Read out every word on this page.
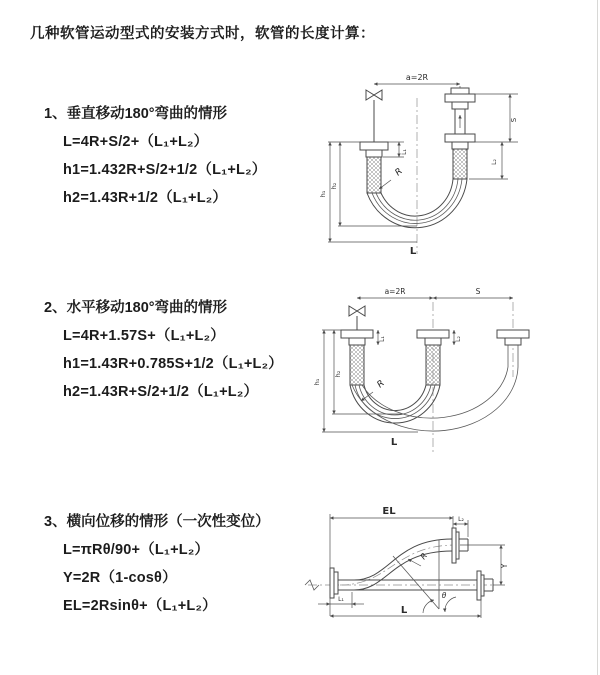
几种软管运动型式的安装方式时，软管的长度计算：
1、垂直移动180°弯曲的情形
L=4R+S/2+（L₁+L₂）
h1=1.432R+S/2+1/2（L₁+L₂）
h2=1.43R+1/2（L₁+L₂）
2、水平移动180°弯曲的情形
L=4R+1.57S+（L₁+L₂）
h1=1.43R+0.785S+1/2（L₁+L₂）
h2=1.43R+S/2+1/2（L₁+L₂）
3、横向位移的情形（一次性变位）
L=πRθ/90+（L₁+L₂）
Y=2R（1-cosθ）
EL=2Rsinθ+（L₁+L₂）
a=2R
L₁
R
h₁
h₂
S
L₂
L
a=2R	S
L₁	L₂
R
h₁
h₂
L
EL
L₂
Y
θ
R
L₁
L
